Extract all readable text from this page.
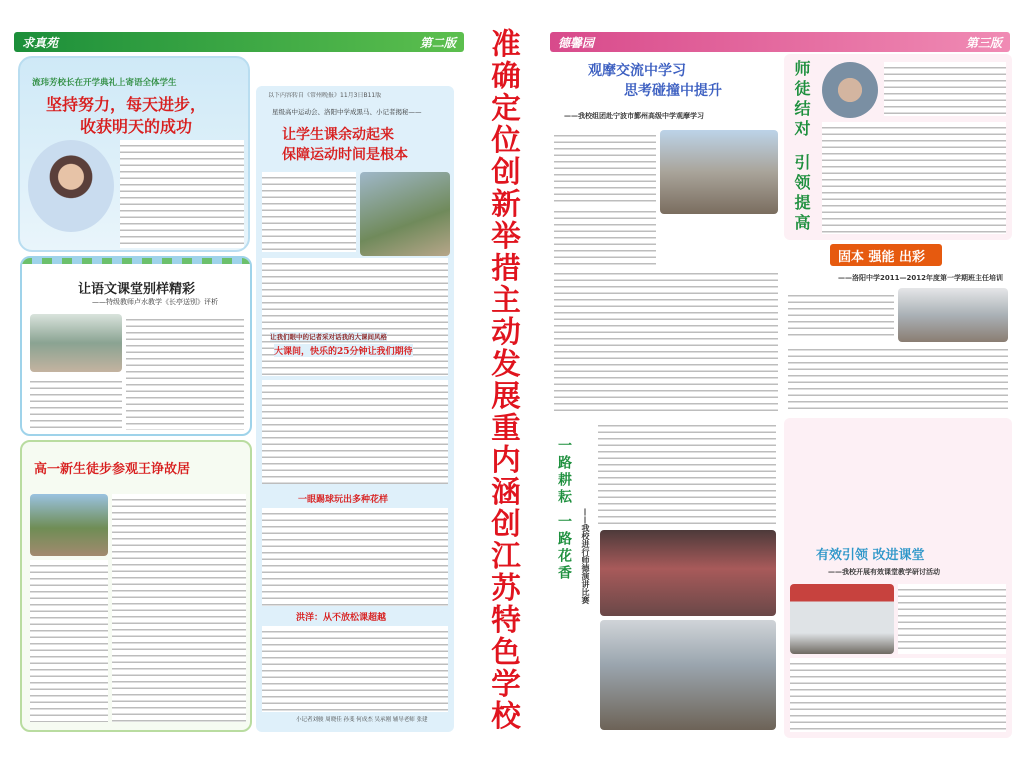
求真苑	第二版
流玮芳校长在开学典礼上寄语全体学生
坚持努力，每天进步，
收获明天的成功
以下内容转自《常州晚报》11月3日B11版
星级高中运动会、洛阳中学成黑马、小记者揭秘——
让学生课余动起来
保障运动时间是根本
让我们眼中的记者采对话我的大课间风格
大课间，快乐的25分钟让我们期待
一眼踢球玩出多种花样
洪洋：从不放松课超越
小记者刘骏 周晓佳 孙斐 何成杰 吴承刚 辅导老师 张建
让语文课堂别样精彩
——特级教师卢水教学《长亭送别》评析
高一新生徒步参观王诤故居
准确定位创新举措主动发展重内涵创江苏特色学校
德馨园	第三版
观摩交流中学习
思考碰撞中提升
——我校组团赴宁波市鄞州高级中学观摩学习	师徒结对
引领提高
固本 强能 出彩
——洛阳中学2011—2012年度第一学期班主任培训
一路耕耘
一路花香 ——我校进行师德演讲比赛	有效引领 改进课堂
——我校开展有效课堂教学研讨活动
